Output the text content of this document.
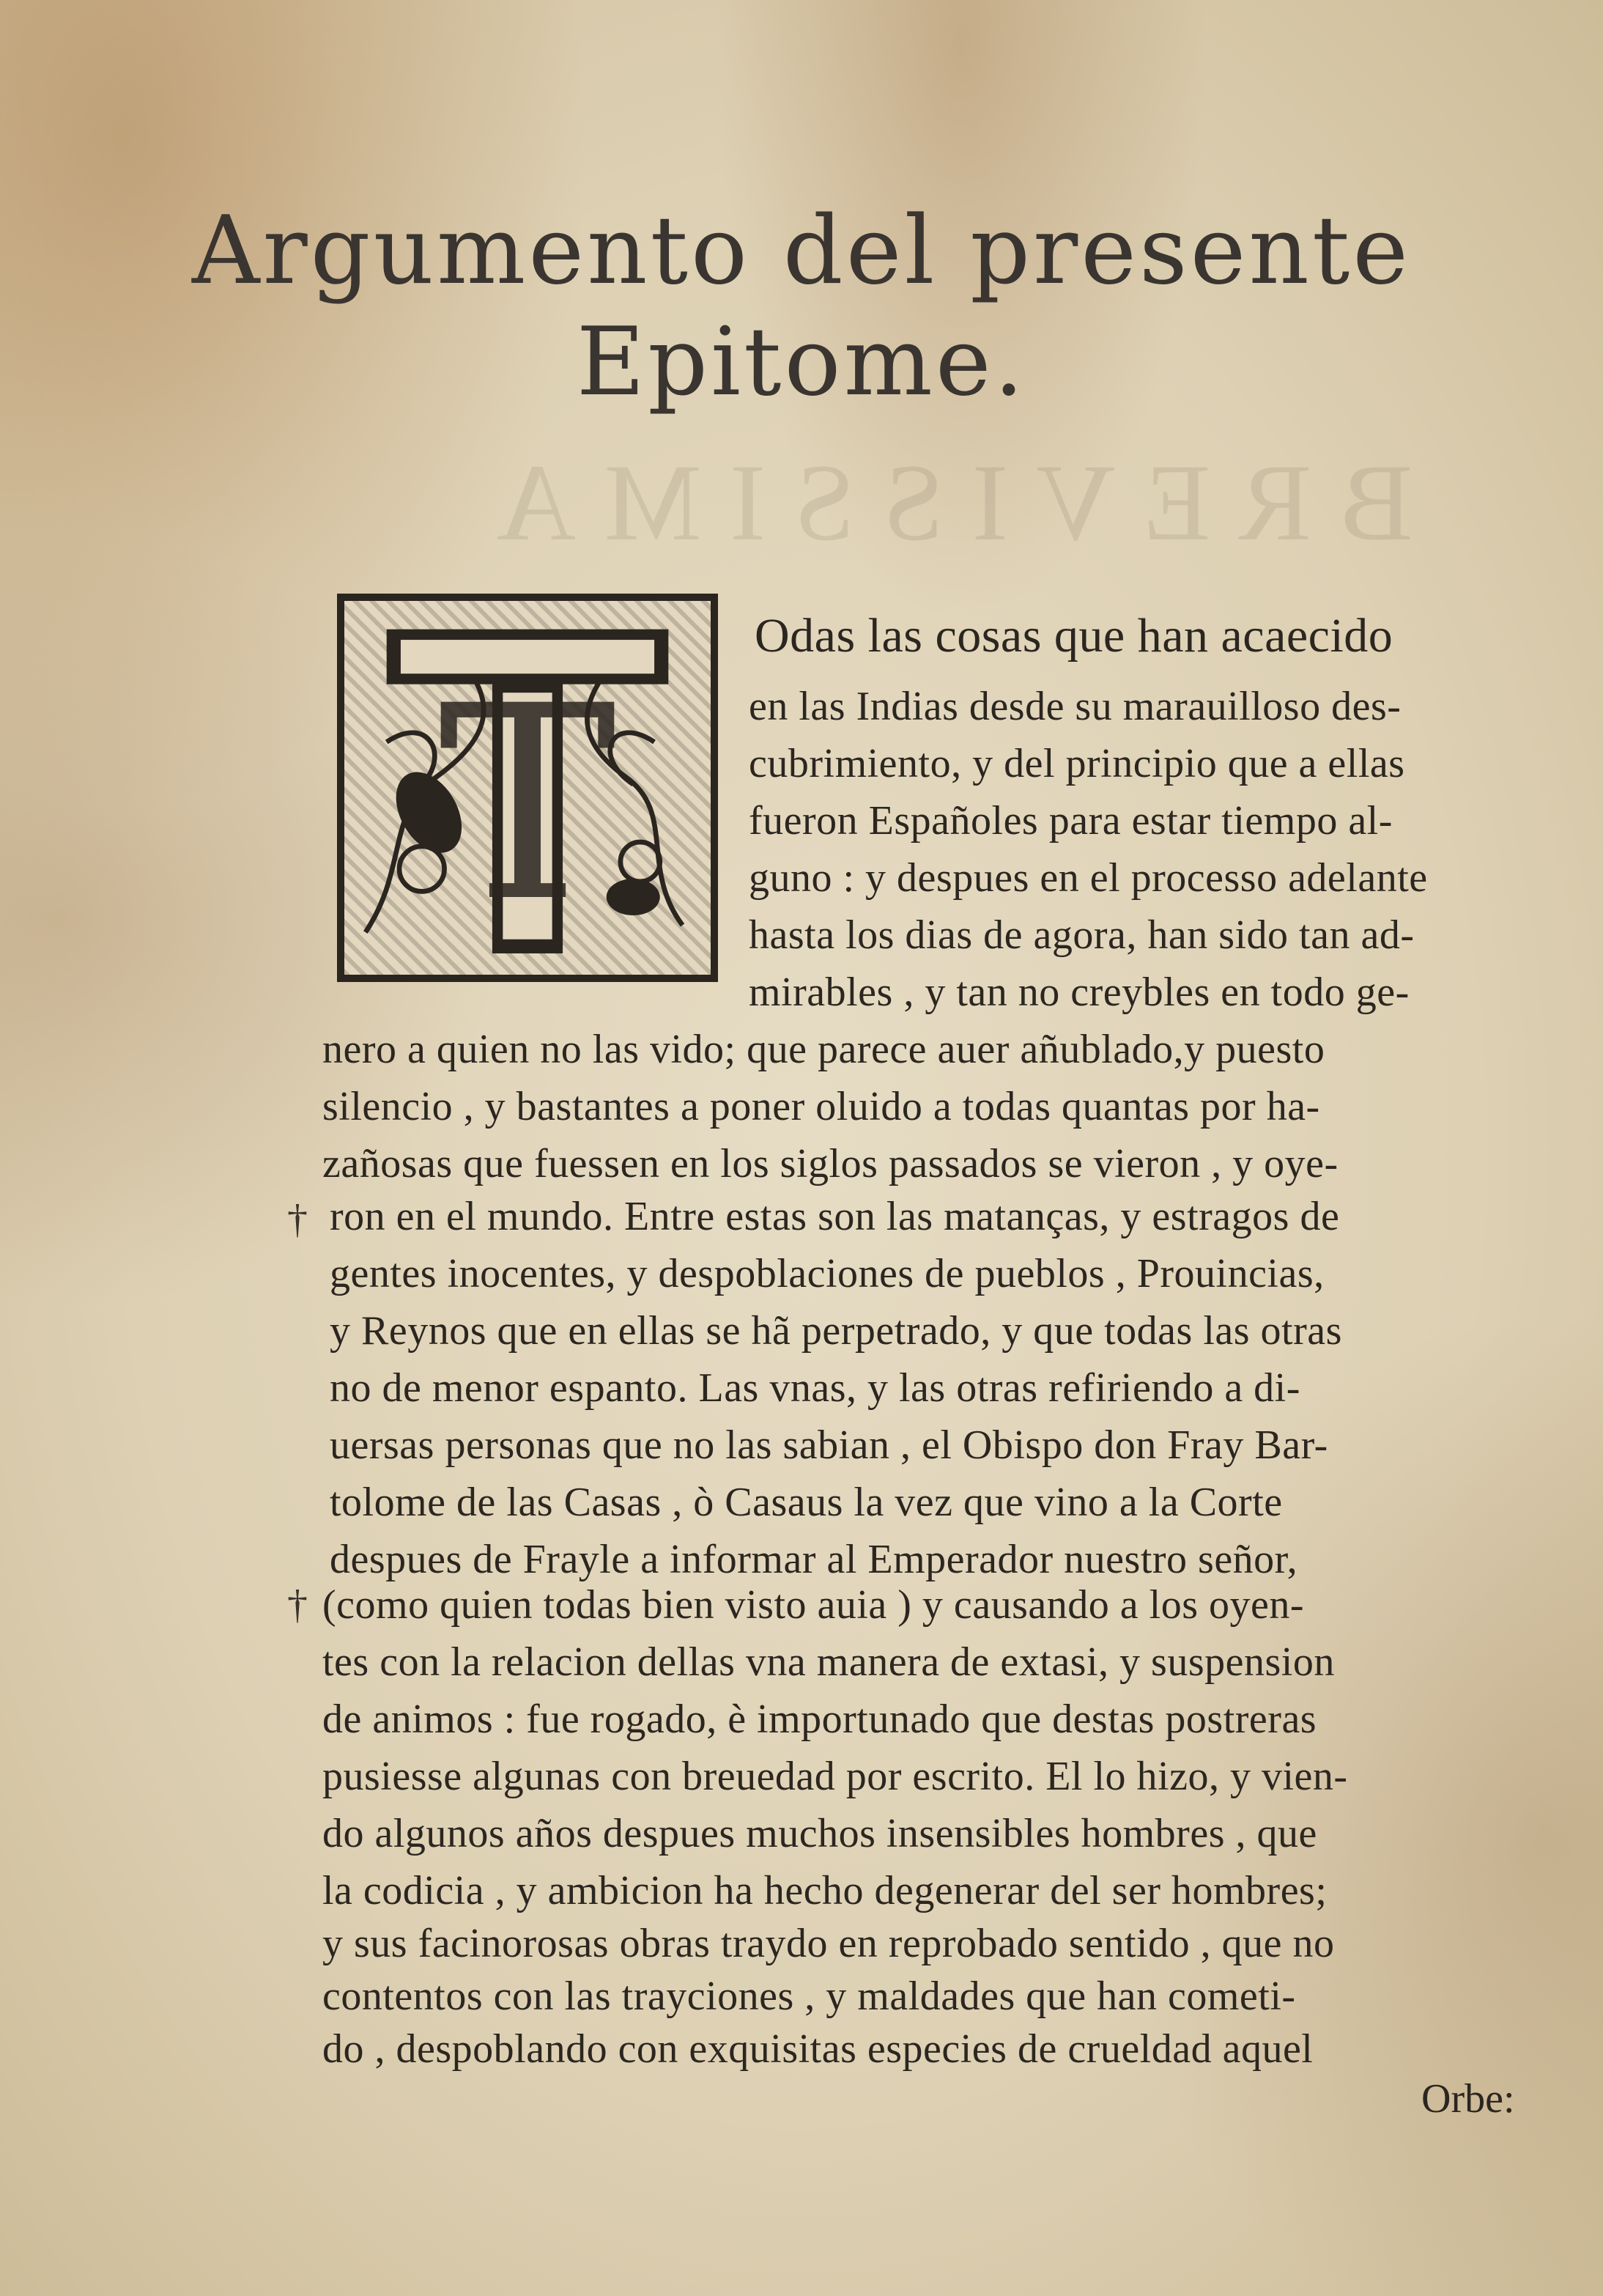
BREVISSIMA
Argumento del presente
Epitome.
T
Odas las cosas que han acaecido
en las Indias desde su marauilloso des-
cubrimiento, y del principio que a ellas
fueron Españoles para estar tiempo al-
guno : y despues en el processo adelante
hasta los dias de agora, han sido tan ad-
mirables , y tan no creybles en todo ge-
nero a quien no las vido; que parece auer añublado,y puesto
silencio , y bastantes a poner oluido a todas quantas por ha-
zañosas que fuessen en los siglos passados se vieron , y oye-
† ron en el mundo. Entre estas son las matanças, y estragos de
gentes inocentes, y despoblaciones de pueblos , Prouincias,
y Reynos que en ellas se hã perpetrado, y que todas las otras
no de menor espanto. Las vnas, y las otras refiriendo a di-
uersas personas que no las sabian , el Obispo don Fray Bar-
tolome de las Casas , ò Casaus la vez que vino a la Corte
despues de Frayle a informar al Emperador nuestro señor,
† (como quien todas bien visto auia ) y causando a los oyen-
tes con la relacion dellas vna manera de extasi, y suspension
de animos : fue rogado, è importunado que destas postreras
pusiesse algunas con breuedad por escrito. El lo hizo, y vien-
do algunos años despues muchos insensibles hombres , que
la codicia , y ambicion ha hecho degenerar del ser hombres;
y sus facinorosas obras traydo en reprobado sentido , que no
contentos con las trayciones , y maldades que han cometi-
do , despoblando con exquisitas especies de crueldad aquel
Orbe:
